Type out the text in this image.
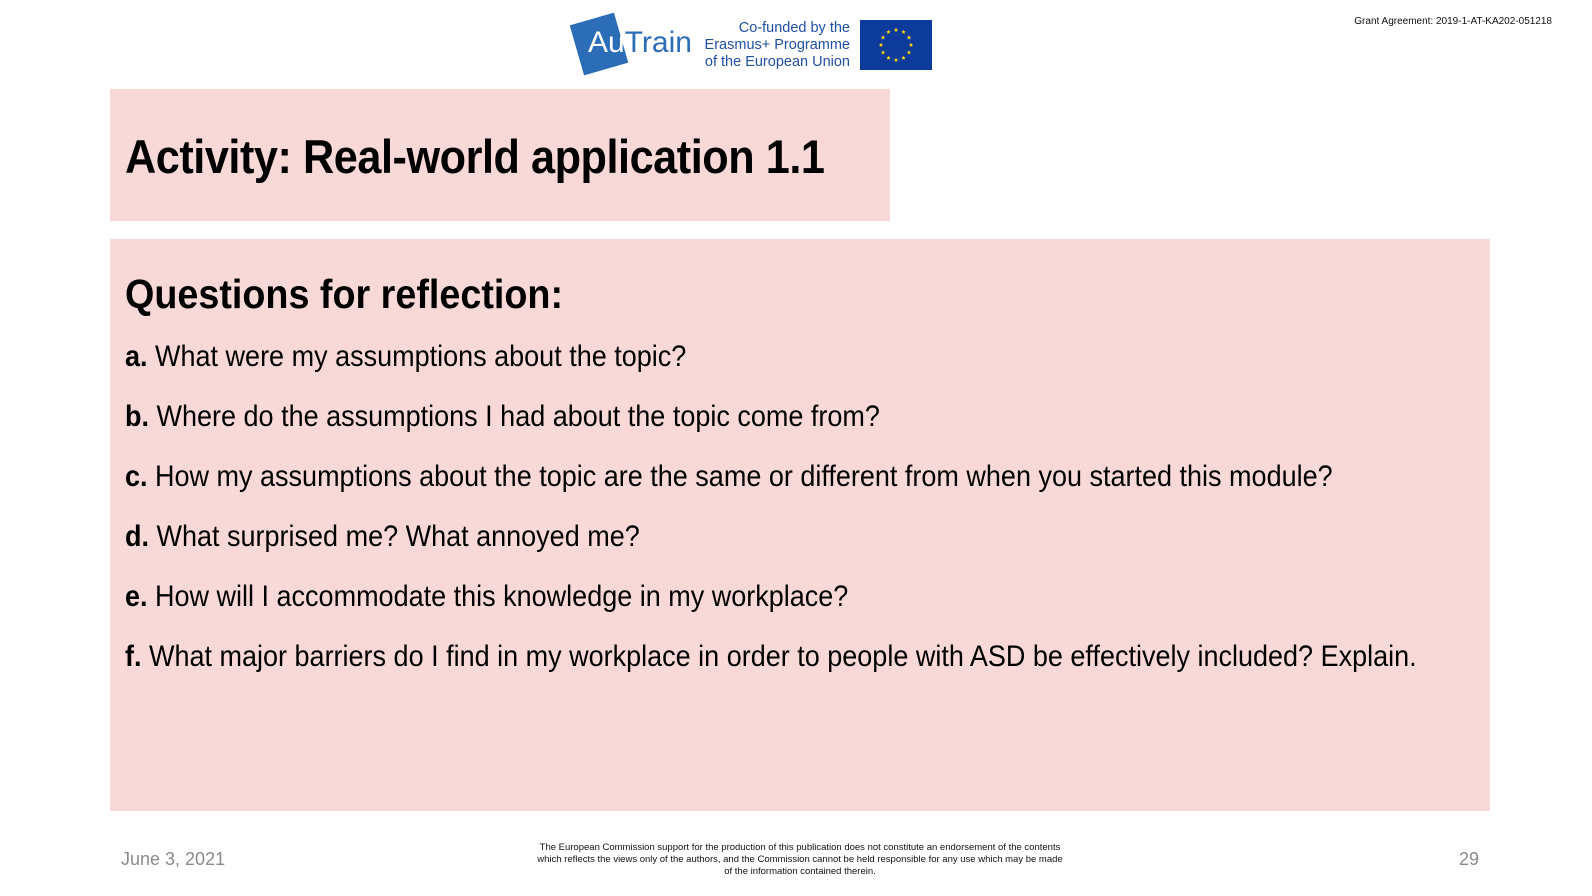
Grant Agreement: 2019-1-AT-KA202-051218
AuTrain	Co-funded by the
Erasmus+ Programme
of the European Union
Activity: Real-world application 1.1
Questions for reflection:
a. What were my assumptions about the topic?
b. Where do the assumptions I had about the topic come from?
c. How my assumptions about the topic are the same or different from when you started this module?
d. What surprised me? What annoyed me?
e. How will I accommodate this knowledge in my workplace?
f. What major barriers do I find in my workplace in order to people with ASD be effectively included? Explain.
June 3, 2021
The European Commission support for the production of this publication does not constitute an endorsement of the contents
which reflects the views only of the authors, and the Commission cannot be held responsible for any use which may be made
of the information contained therein.
29
